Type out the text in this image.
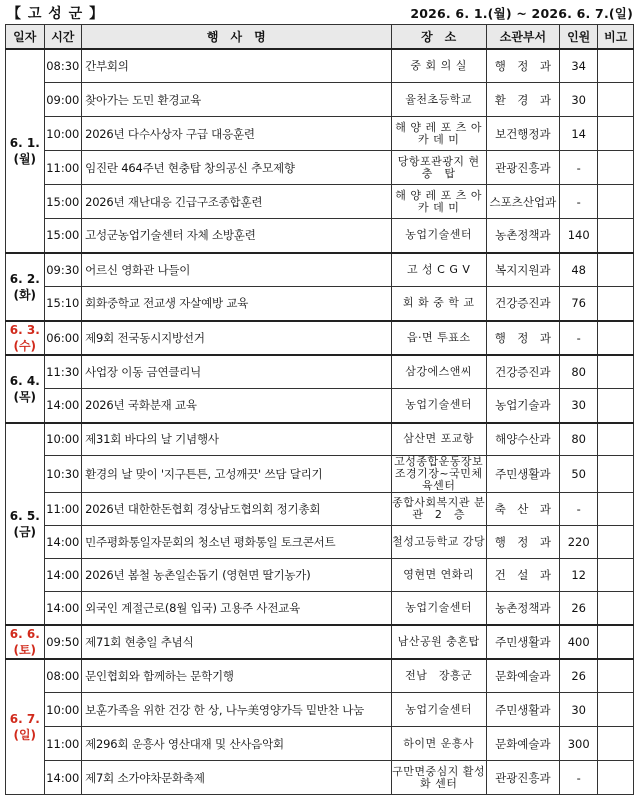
【 고 성 군 】	2026. 6. 1.(월) ~ 2026. 6. 7.(일)
일자	시간	행　사　명	장　소	소관부서	인원	비고

6. 1.
(월)	08:30	간부회의	중 회 의 실	행　정　과	34	
	09:00	찾아가는 도민 환경교육	율천초등학교	환　경　과	30	
	10:00	2026년 다수사상자 구급 대응훈련	해 양 레 포 츠 아 카 데 미	보건행정과	14	
	11:00	임진란 464주년 현충탑 창의공신 추모제향	당항포관광지 현　충　탑	관광진흥과	-	
	15:00	2026년 재난대응 긴급구조종합훈련	해 양 레 포 츠 아 카 데 미	스포츠산업과	-	
	15:00	고성군농업기술센터 자체 소방훈련	농업기술센터	농촌정책과	140	

6. 2.
(화)	09:30	어르신 영화관 나들이	고 성 C G V	복지지원과	48	
	15:10	회화중학교 전교생 자살예방 교육	회 화 중 학 교	건강증진과	76	

6. 3.
(수)	06:00	제9회 전국동시지방선거	읍·면 투표소	행　정　과	-	

6. 4.
(목)	11:30	사업장 이동 금연클리닉	삼강에스앤씨	건강증진과	80	
	14:00	2026년 국화분재 교육	농업기술센터	농업기술과	30	

6. 5.
(금)	10:00	제31회 바다의 날 기념행사	삼산면 포교항	해양수산과	80	
	10:30	환경의 날 맞이 '지구튼튼, 고성깨끗' 쓰담 달리기	고성종합운동장보조경기장~국민체육센터	주민생활과	50	
	11:00	2026년 대한한돈협회 경상남도협의회 정기총회	종합사회복지관 분　관　2　층	축　산　과	-	
	14:00	민주평화통일자문회의 청소년 평화통일 토크콘서트	철성고등학교 강당	행　정　과	220	
	14:00	2026년 봄철 농촌일손돕기 (영현면 딸기농가)	영현면 연화리	건　설　과	12	
	14:00	외국인 계절근로(8월 입국) 고용주 사전교육	농업기술센터	농촌정책과	26	

6. 6.
(토)	09:50	제71회 현충일 추념식	남산공원 충혼탑	주민생활과	400	

6. 7.
(일)	08:00	문인협회와 함께하는 문학기행	전남　장흥군	문화예술과	26	
	10:00	보훈가족을 위한 건강 한 상, 나누美영양가득 밑반찬 나눔	농업기술센터	주민생활과	30	
	11:00	제296회 운흥사 영산대재 및 산사음악회	하이면 운흥사	문화예술과	300	
	14:00	제7회 소가야차문화축제	구만면중심지 활성화 센터	관광진흥과	-	
